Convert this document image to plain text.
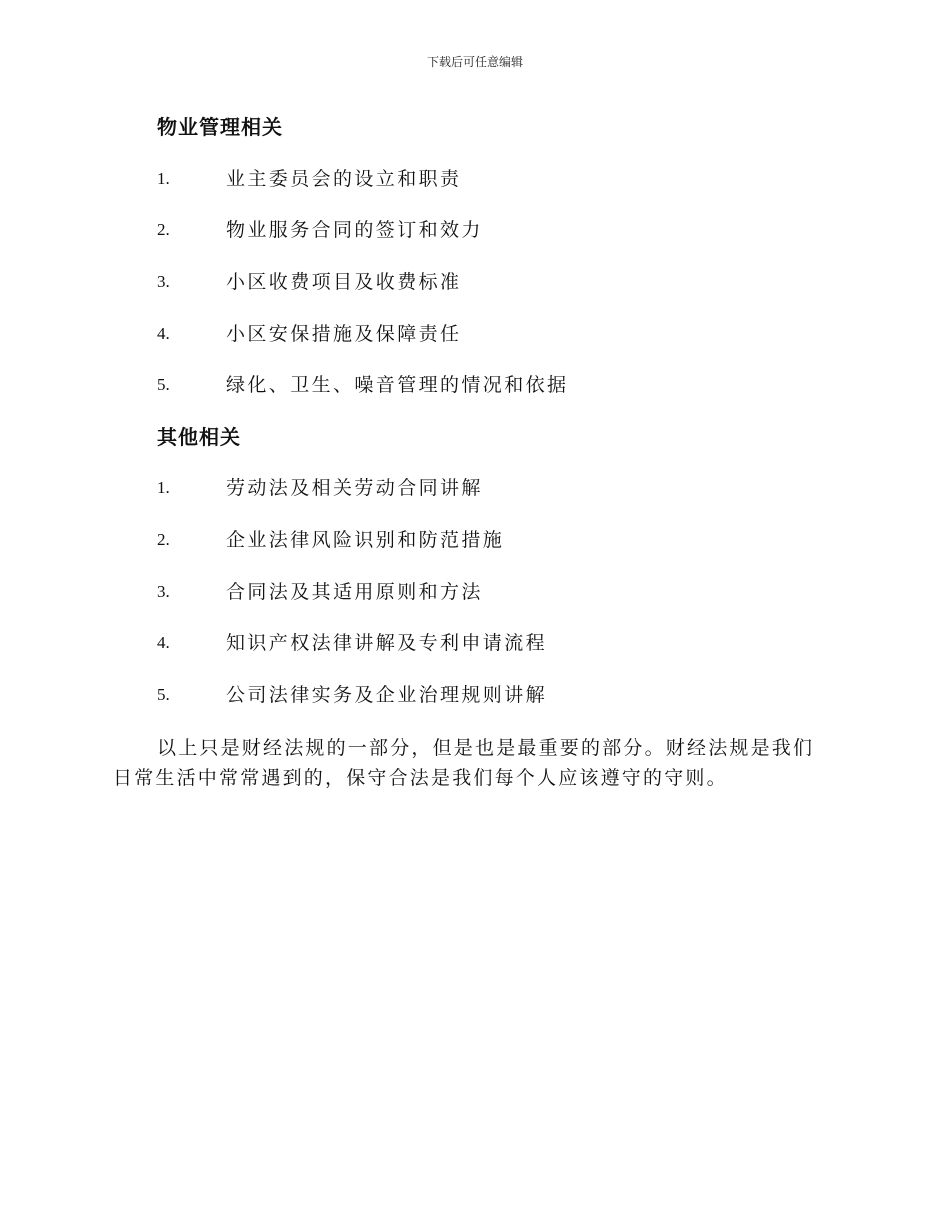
下载后可任意编辑
物业管理相关
1.	业主委员会的设立和职责
2.	物业服务合同的签订和效力
3.	小区收费项目及收费标准
4.	小区安保措施及保障责任
5.	绿化、卫生、噪音管理的情况和依据
其他相关
1.	劳动法及相关劳动合同讲解
2.	企业法律风险识别和防范措施
3.	合同法及其适用原则和方法
4.	知识产权法律讲解及专利申请流程
5.	公司法律实务及企业治理规则讲解

以上只是财经法规的一部分，但是也是最重要的部分。财经法规是我们日常生活中常常遇到的，保守合法是我们每个人应该遵守的守则。
